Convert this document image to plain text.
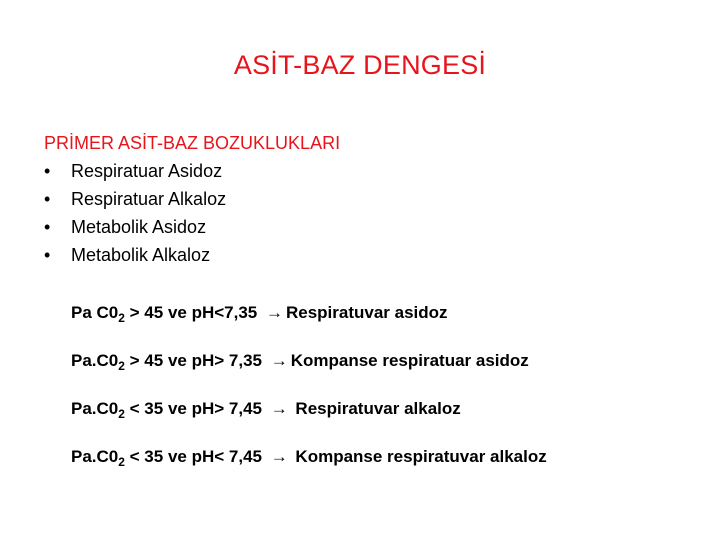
ASİT-BAZ DENGESİ
PRİMER ASİT-BAZ BOZUKLUKLARI
• Respiratuar Asidoz
• Respiratuar Alkaloz
• Metabolik Asidoz
• Metabolik Alkaloz
Pa $C0_2 > 45$ ve pH<7,35 → Respiratuvar asidoz
$Pa.C0_2 > 45$ ve pH> 7,35 → Kompanse respiratuar asidoz
$Pa.C0_2 < 35$ ve pH> 7,45 → Respiratuvar alkaloz
$Pa.C0_2 < 35$ ve pH< 7,45 → Kompanse respiratuvar alkaloz
